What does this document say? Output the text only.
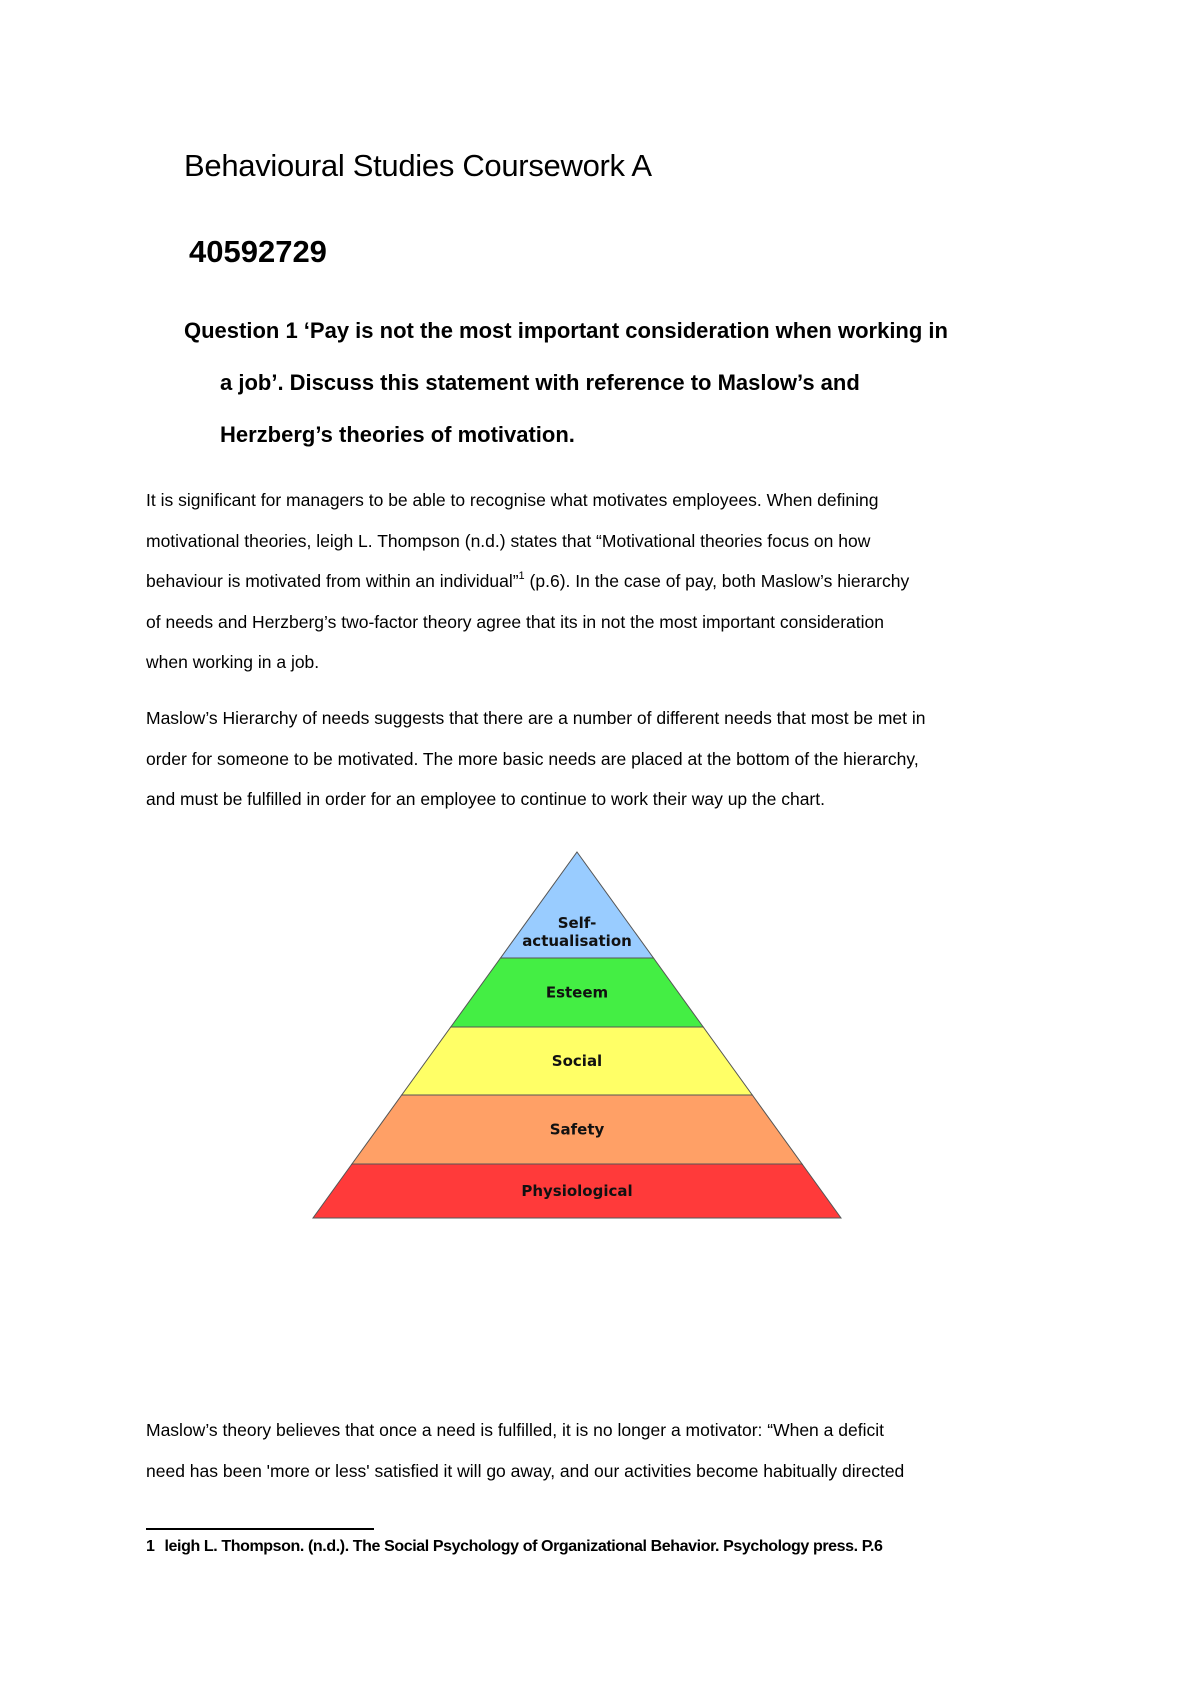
Behavioural Studies Coursework A
40592729
Question 1 ‘Pay is not the most important consideration when working in
a job’. Discuss this statement with reference to Maslow’s and
Herzberg’s theories of motivation.
It is significant for managers to be able to recognise what motivates employees. When defining
motivational theories, leigh L. Thompson (n.d.) states that “Motivational theories focus on how
behaviour is motivated from within an individual”$^1$ (p.6). In the case of pay, both Maslow’s hierarchy
of needs and Herzberg’s two-factor theory agree that its in not the most important consideration
when working in a job.
Maslow’s Hierarchy of needs suggests that there are a number of different needs that most be met in
order for someone to be motivated. The more basic needs are placed at the bottom of the hierarchy,
and must be fulfilled in order for an employee to continue to work their way up the chart.
Self-
actualisation
Esteem
Social
Safety
Physiological
Maslow’s theory believes that once a need is fulfilled, it is no longer a motivator: “When a deficit
need has been 'more or less' satisfied it will go away, and our activities become habitually directed
1 leigh L. Thompson. (n.d.). The Social Psychology of Organizational Behavior. Psychology press. P.6
